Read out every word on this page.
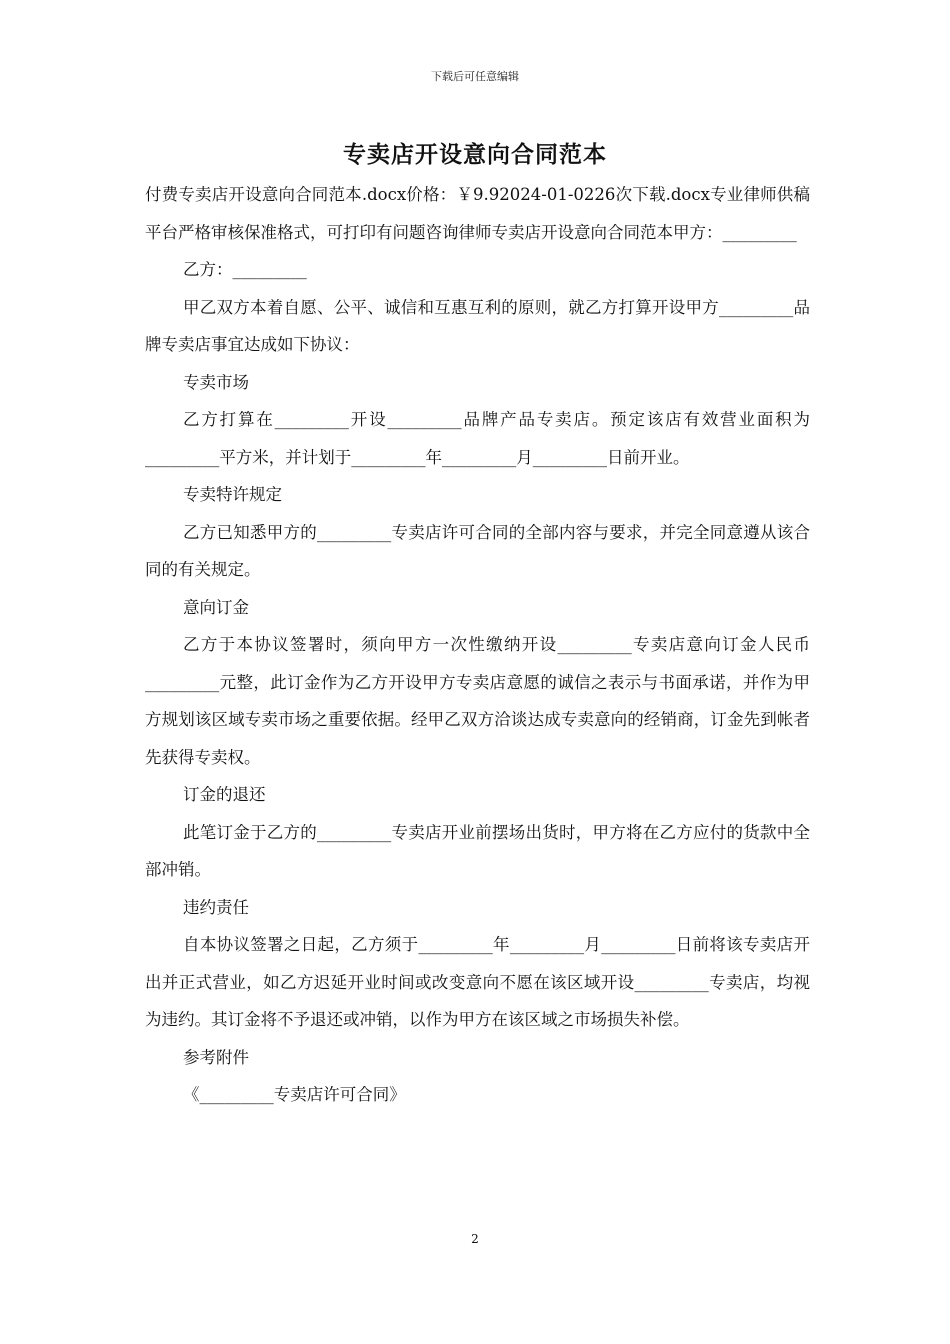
下载后可任意编辑
专卖店开设意向合同范本

付费专卖店开设意向合同范本.docx价格：￥9.92024-01-0226次下载.docx专业律师供稿平台严格审核保准格式，可打印有问题咨询律师专卖店开设意向合同范本甲方：_________

乙方：_________

甲乙双方本着自愿、公平、诚信和互惠互利的原则，就乙方打算开设甲方_________品牌专卖店事宜达成如下协议：

专卖市场

乙方打算在_________开设_________品牌产品专卖店。预定该店有效营业面积为_________平方米，并计划于_________年_________月_________日前开业。

专卖特许规定

乙方已知悉甲方的_________专卖店许可合同的全部内容与要求，并完全同意遵从该合同的有关规定。

意向订金

乙方于本协议签署时，须向甲方一次性缴纳开设_________专卖店意向订金人民币_________元整，此订金作为乙方开设甲方专卖店意愿的诚信之表示与书面承诺，并作为甲方规划该区域专卖市场之重要依据。经甲乙双方洽谈达成专卖意向的经销商，订金先到帐者先获得专卖权。

订金的退还

此笔订金于乙方的_________专卖店开业前摆场出货时，甲方将在乙方应付的货款中全部冲销。

违约责任

自本协议签署之日起，乙方须于_________年_________月_________日前将该专卖店开出并正式营业，如乙方迟延开业时间或改变意向不愿在该区域开设_________专卖店，均视为违约。其订金将不予退还或冲销，以作为甲方在该区域之市场损失补偿。

参考附件

《_________专卖店许可合同》

2
